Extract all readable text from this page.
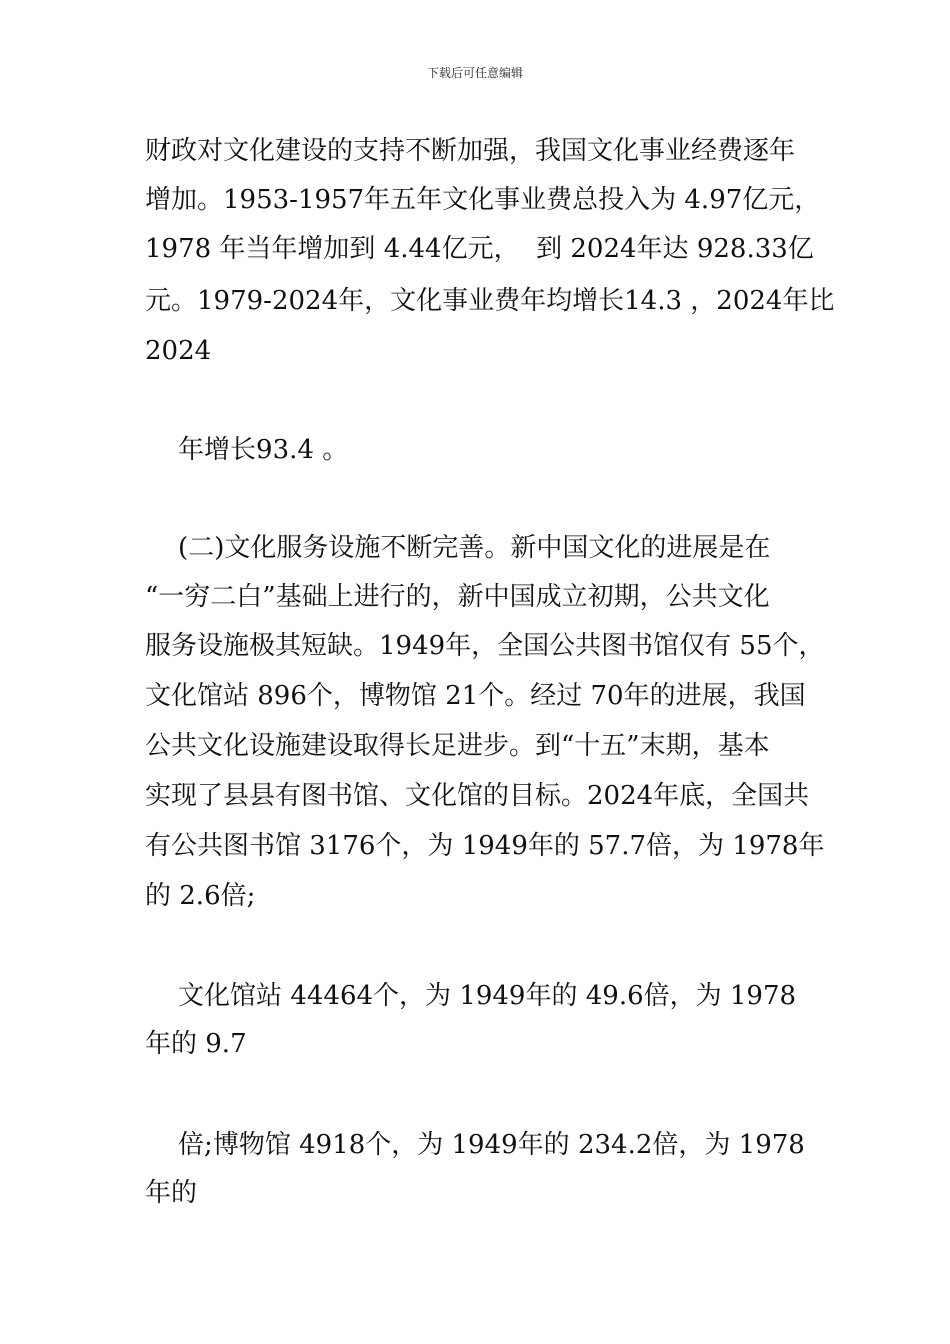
下载后可任意编辑
财政对文化建设的支持不断加强，我国文化事业经费逐年
增加。1953-1957年五年文化事业费总投入为 4.97亿元，
1978 年当年增加到 4.44亿元，  到 2024年达 928.33亿
元。1979-2024年，文化事业费年均增长14.3 ，2024年比
2024
年增长93.4 。
(二)文化服务设施不断完善。新中国文化的进展是在
“一穷二白”基础上进行的，新中国成立初期，公共文化
服务设施极其短缺。1949年，全国公共图书馆仅有 55个，
文化馆站 896个，博物馆 21个。经过 70年的进展，我国
公共文化设施建设取得长足进步。到“十五”末期，基本
实现了县县有图书馆、文化馆的目标。2024年底，全国共
有公共图书馆 3176个，为 1949年的 57.7倍，为 1978年
的 2.6倍;
文化馆站 44464个，为 1949年的 49.6倍，为 1978
年的 9.7
倍;博物馆 4918个，为 1949年的 234.2倍，为 1978
年的
